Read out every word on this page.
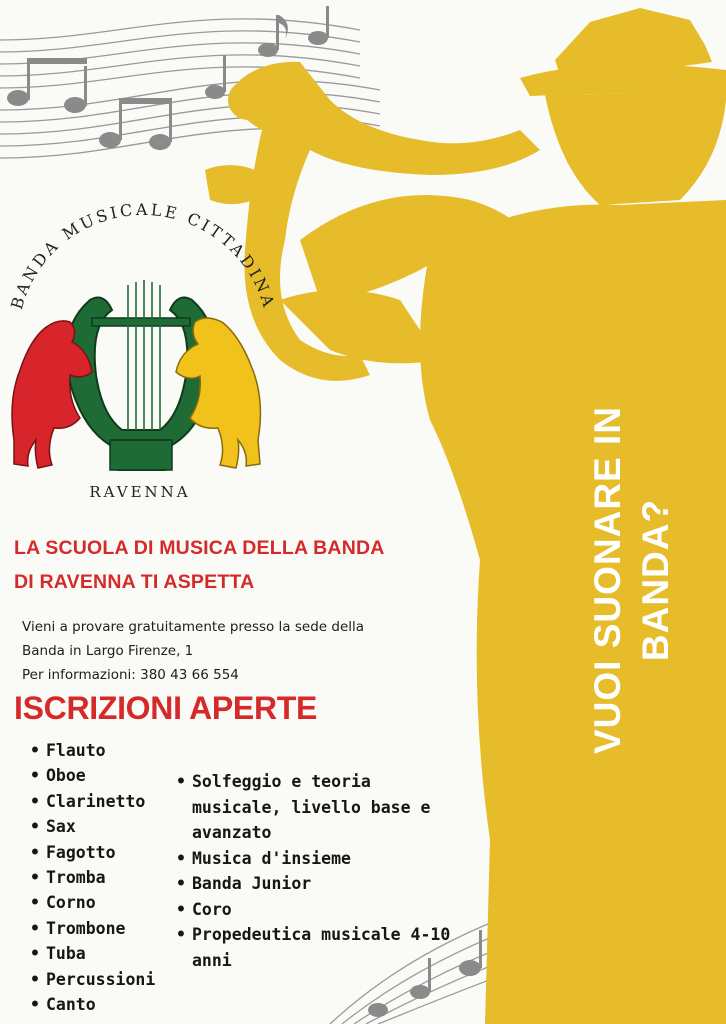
BANDA MUSICALE CITTADINA
RAVENNA	VUOI SUONARE IN BANDA?
LA SCUOLA DI MUSICA DELLA BANDA
DI RAVENNA TI ASPETTA
Vieni a provare gratuitamente presso la sede della
Banda in Largo Firenze, 1
Per informazioni: 380 43 66 554
ISCRIZIONI APERTE
• Flauto
• Oboe
• Clarinetto
• Sax
• Fagotto
• Tromba
• Corno
• Trombone
• Tuba
• Percussioni
• Canto
• Solfeggio e teoria musicale, livello base e avanzato
• Musica d'insieme
• Banda Junior
• Coro
• Propedeutica musicale 4-10 anni
